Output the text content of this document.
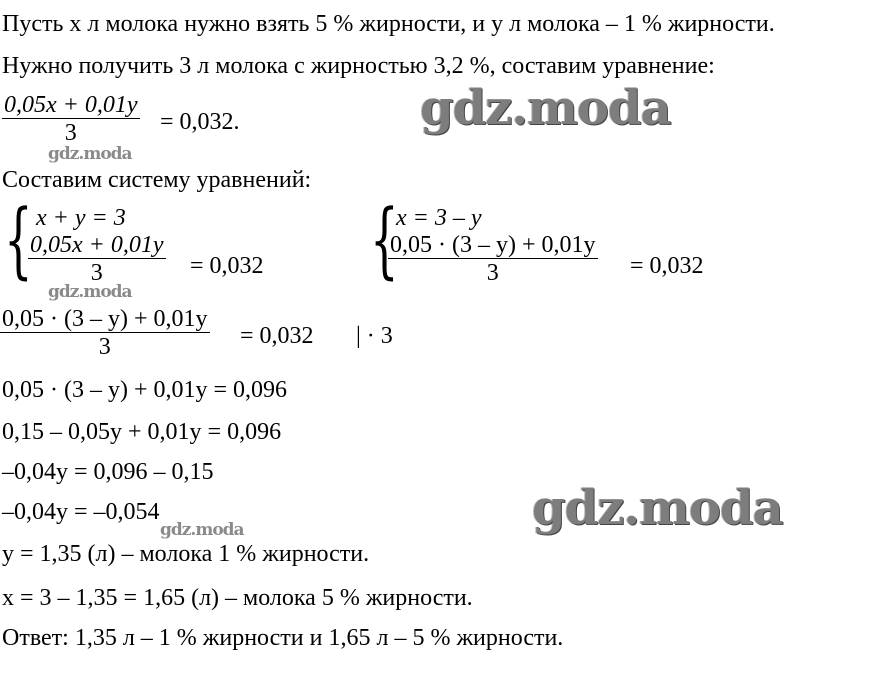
Пусть x л молока нужно взять 5 % жирности, и y л молока – 1 % жирности.
Нужно получить 3 л молока с жирностью 3,2 %, составим уравнение:
$\frac{0,05x + 0,01y}{3} = 0,032$.
Составим систему уравнений:
{ x + y = 3
$\frac{0,05x + 0,01y}{3} = 0,032$ {
x = 3 – y
$\frac{0,05 \cdot (3 - y) + 0,01y}{3} = 0,032$
$\frac{0,05 \cdot (3 - y) + 0,01y}{3} = 0,032$ | · 3
0,05 · (3 – y) + 0,01y = 0,096
0,15 – 0,05y + 0,01y = 0,096
–0,04y = 0,096 – 0,15
–0,04y = –0,054
y = 1,35 (л) – молока 1 % жирности.
x = 3 – 1,35 = 1,65 (л) – молока 5 % жирности.
Ответ: 1,35 л – 1 % жирности и 1,65 л – 5 % жирности.
gdz.moda
gdz.moda
gdz.moda
gdz.moda
gdz.moda
